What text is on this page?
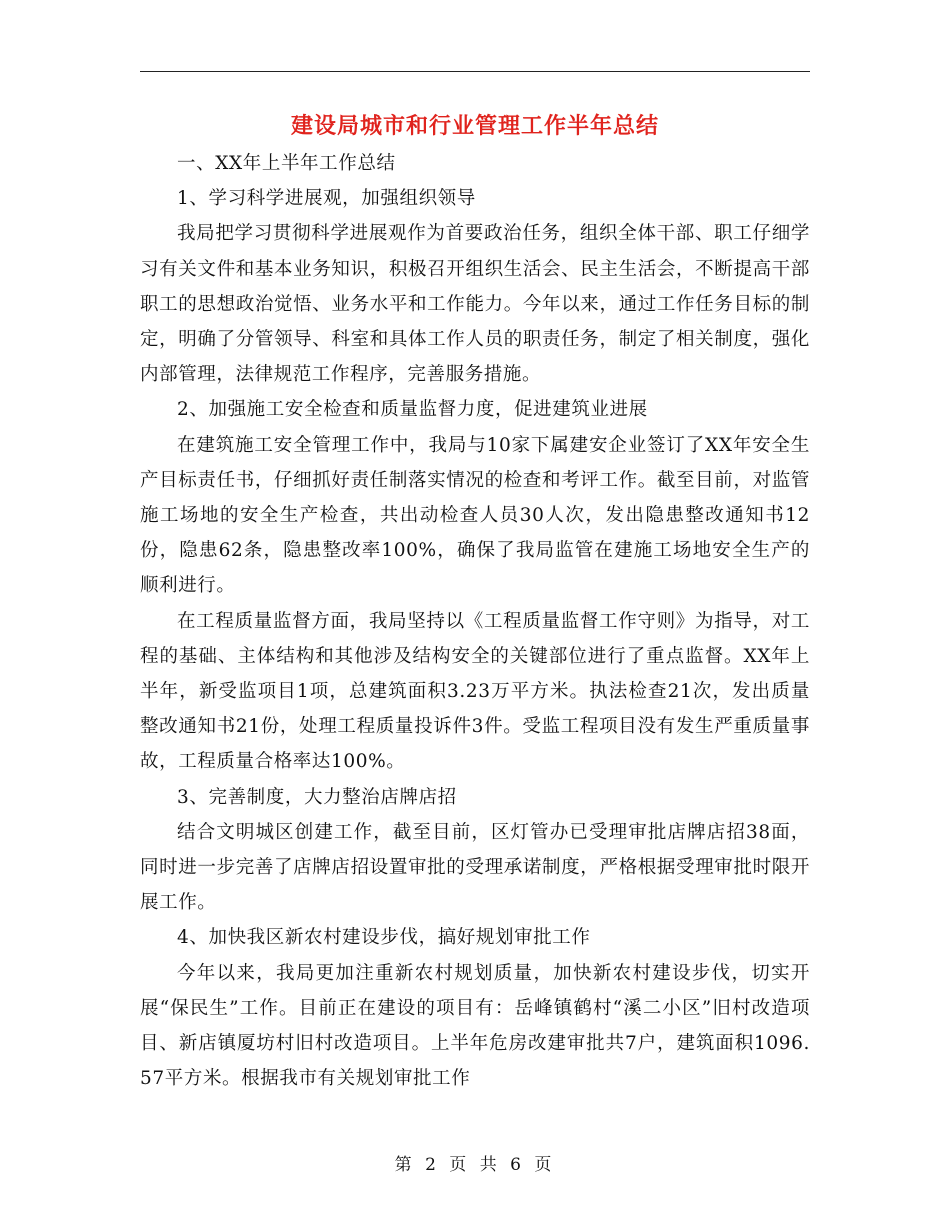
建设局城市和行业管理工作半年总结

一、XX年上半年工作总结

1、学习科学进展观，加强组织领导

我局把学习贯彻科学进展观作为首要政治任务，组织全体干部、职工仔细学习有关文件和基本业务知识，积极召开组织生活会、民主生活会，不断提高干部职工的思想政治觉悟、业务水平和工作能力。今年以来，通过工作任务目标的制定，明确了分管领导、科室和具体工作人员的职责任务，制定了相关制度，强化内部管理，法律规范工作程序，完善服务措施。

2、加强施工安全检查和质量监督力度，促进建筑业进展

在建筑施工安全管理工作中，我局与10家下属建安企业签订了XX年安全生产目标责任书，仔细抓好责任制落实情况的检查和考评工作。截至目前，对监管施工场地的安全生产检查，共出动检查人员30人次，发出隐患整改通知书12份，隐患62条，隐患整改率100%，确保了我局监管在建施工场地安全生产的顺利进行。

在工程质量监督方面，我局坚持以《工程质量监督工作守则》为指导，对工程的基础、主体结构和其他涉及结构安全的关键部位进行了重点监督。XX年上半年，新受监项目1项，总建筑面积3.23万平方米。执法检查21次，发出质量整改通知书21份，处理工程质量投诉件3件。受监工程项目没有发生严重质量事故，工程质量合格率达100%。

3、完善制度，大力整治店牌店招

结合文明城区创建工作，截至目前，区灯管办已受理审批店牌店招38面，同时进一步完善了店牌店招设置审批的受理承诺制度，严格根据受理审批时限开展工作。

4、加快我区新农村建设步伐，搞好规划审批工作

今年以来，我局更加注重新农村规划质量，加快新农村建设步伐，切实开展“保民生”工作。目前正在建设的项目有：岳峰镇鹤村“溪二小区”旧村改造项目、新店镇厦坊村旧村改造项目。上半年危房改建审批共7户，建筑面积1096.57平方米。根据我市有关规划审批工作

第 2 页 共 6 页
